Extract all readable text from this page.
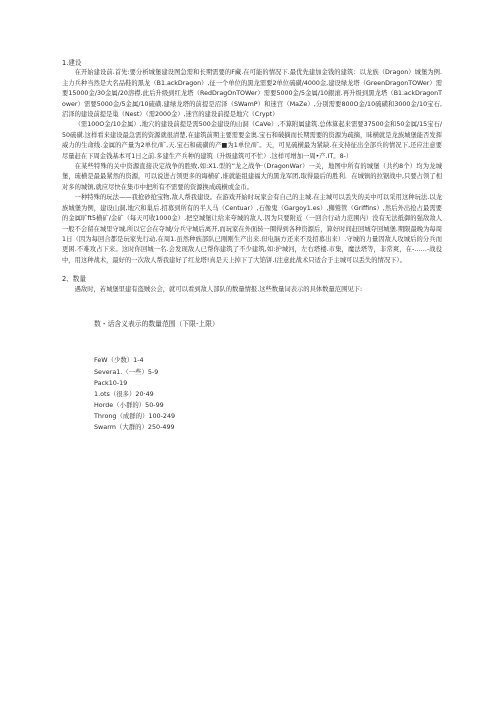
1.建设

在开始建设前.首先:要分析城堡建设图急需和长期需要的F藏.在可能的情况下.最优先建加金钱的建筑：以龙族（Dragon）城堡为例.主力兵种当然是大名品鞋的黑龙（B1.ackDragon）,征一个单位的黑龙需要2单位硫磺/4000金,建设绿龙塔（GreenDragonTOWer）需要15000金/30金属/20溶襟.此后升级到红龙塔（RedDragOnTOWer）需要5000金/5金属/10銀滚.再升级到黑龙塔（B1.ackDragonTower）需要5000金/5金属/10硫磺.建绿龙塔的前提是沼泽（SWamP）和迷宫（MaZe）,分别需要800O金/10硫磺和3000金/10宝石,沼泽的建设前提是巢（Nest）（需2000金）,迷宫的建设前提是地穴（Crypt）

（需100O金/10金属）,地穴的建设前提是需500金建设的山洞（CaVe）,不算附属建筑.总体算起来需要37500金和50金属/15宝石/50硫磺.这样看来建设最急需的资源就很清楚,在建筑前期主要需要金奥.宝石和破摘而长期需要的资源为疏摘，昧横就是龙族城堡能否发挥威力的生命线.金属的产量为2单位/旷,天.宝石和硫磺的产■为1单位/旷。天，可见硫横最为紧缺.在支持征出全部兵的情况下,还应注意要尽量赶在下周金钱基本可1日之前.多建生产兵种的建筑（升级建筑可不忙）.这样可增加一周•产.IT。8-）

在某些特殊的关中资源直接决定战争的胜败,如:X1.型的“龙之战争·（DragonWar）一关，地图中所有的城堡（共约8个）均为龙城堡，琉横是最最紧然的资源，可以说进占领更多的诲横矿,谁就能组建福大的黑龙军团,取得最后的胜利．在城镇的拉锯战中,只要占领了相对多的城镇,就应尽快在集市中把所有不需要的资源换成疏横或金币。

一种特殊的玩法——我抢砂抢宝物,敌人帮我建设。在游戏开始时玩家会有自己的主城.在主城可以丢失的关中可以采用这种玩法.以龙族城堡为例，建设山洞,地穴和巢后.招募到所有的半人马（Centuar）,石像鬼（Gargoy1.es）,狮鹫管（Griffins）,然后外出抢占最需要的金属旷ft5横矿/金矿（每天可收1000金）.把空城堡让给来夸城的敌人.因为只要附近（一回合行动力范围内）没有无法抵御的强敌敌人一般不会留在城里守城,所以它会在夺城/分兵守城后离开,而玩家在外面转一圈得到各种资源后，算好时间赶回城夺回城堡.期限最晚为每周1日（因为每回合都是玩家先行动,在周1.虽然种族部队已刚刚生产出来.但电脑方还来不及招募出来）.守城的力量因敌人攻城后的分兵而更困.不难攻占下来。这时你回城一名.会发现敌人已帮你建筑了不少建筑,如:护城河，左右塔楼.市集，魔法塔等，非常爽，在-……-战役中，用这种战术，最好的一次敌人帮我建好了红龙塔!真是天上掉下了大馅饼.(注意此战术只适合于主城可以丢失的情况下）。

2、数量

遇敌时，若城堡里建有盗贼公会，就可以看到敌人部队的数量情报.这些数量词表示的具体数量范围见下:

数・话含义表示的数量范围（下限-上限）
FeW（少数）1-4
Severa1.（一些）5-9
Pack10-19
1.ots（很多）20·49
Horde（小群的）50-99
Throng（成群的）100-249
Swarm（大群的）250-499
